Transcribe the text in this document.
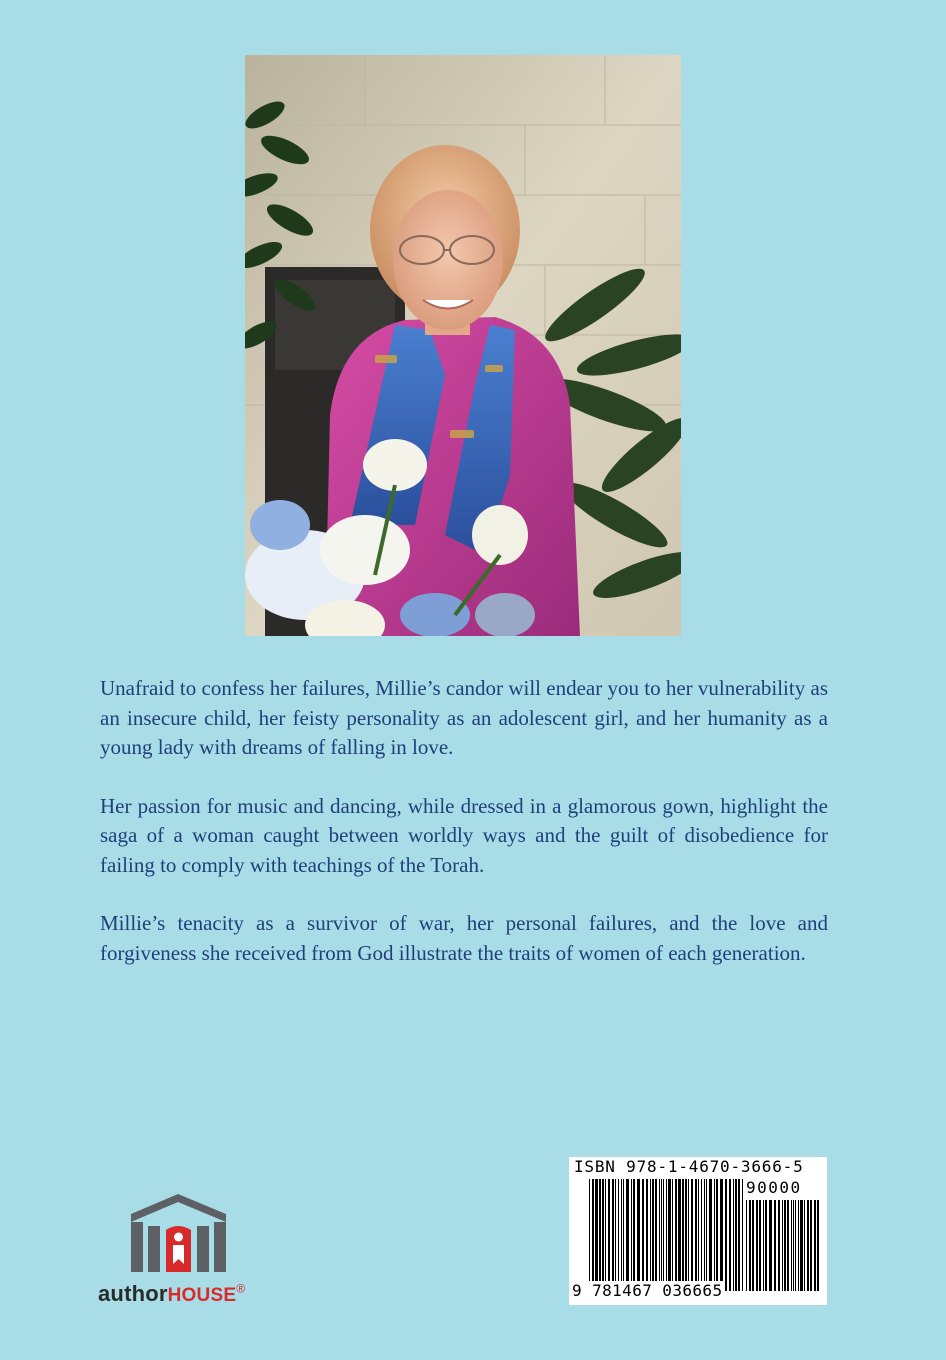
Unafraid to confess her failures, Millie’s candor will endear you to her vulnerability as an insecure child, her feisty personality as an adolescent girl, and her humanity as a young lady with dreams of falling in love.

Her passion for music and dancing, while dressed in a glamorous gown, highlight the saga of a woman caught between worldly ways and the guilt of disobedience for failing to comply with teachings of the Torah.

Millie’s tenacity as a survivor of war, her personal failures, and the love and forgiveness she received from God illustrate the traits of women of each generation.

authorHOUSE®
ISBN 978-1-4670-3666-5
90000
9 781467 036665
